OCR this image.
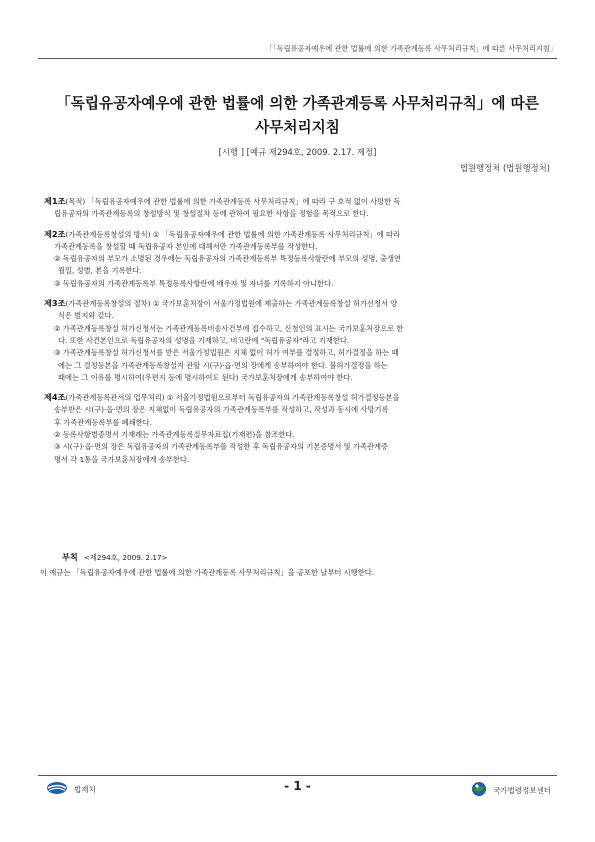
「「독립유공자예우에 관한 법률에 의한 가족관계등록 사무처리규칙」에 따른 사무처리지침」
「독립유공자예우에 관한 법률에 의한 가족관계등록 사무처리규칙」에 따른
사무처리지침
[시행 ] [예규 제294호, 2009. 2.17. 제정]
법원행정처 (법원행정처)
제1조(목적) 「독립유공자예우에 관한 법률에 의한 가족관계등록 사무처리규칙」에 따라 구 호적 없이 사망한 독
립유공자의 가족관계등록의 창설방식 및 창설절차 등에 관하여 필요한 사항을 정함을 목적으로 한다.
제2조(가족관계등록창설의 방식) ① 「독립유공자예우에 관한 법률에 의한 가족관계등록 사무처리규칙」에 따라
가족관계등록을 창설할 때 독립유공자 본인에 대해서만 가족관계등록부를 작성한다.
② 독립유공자의 부모가 소명된 경우에는 독립유공자의 가족관계등록부 특정등록사항란에 부모의 성명, 출생연
월일, 성별, 본을 기록한다.
③ 독립유공자의 가족관계등록부 특정등록사항란에 배우자 및 자녀를 기록하지 아니한다.
제3조(가족관계등록창설의 절차) ① 국가보훈처장이 서울가정법원에 제출하는 가족관계등록창설 허가신청서 양
식은 별지와 같다.
② 가족관계등록창설 허가신청서는 가족관계등록비송사건부에 접수하고, 신청인의 표시는 국가보훈처장으로 한
다. 또한 사건본인으로 독립유공자의 성명을 기재하고, 비고란에 "독립유공자"라고 기재한다.
③ 가족관계등록창설 허가신청서를 받은 서울가정법원은 지체 없이 허가 여부를 결정하고, 허가결정을 하는 때
에는 그 결정등본을 가족관계등록창설지 관할 시(구)·읍·면의 장에게 송부하여야 한다. 불허가결정을 하는
때에는 그 이유를 명시하여(우편지 등에 명시하여도 된다) 국가보훈처장에게 송부하여야 한다.
제4조(가족관계등록관서의 업무처리) ① 서울가정법원으로부터 독립유공자의 가족관계등록창설 허가결정등본을
송부받은 시(구)·읍·면의 장은 지체없이 독립유공자의 가족관계등록부를 작성하고, 작성과 동시에 사망기록
후 가족관계등록부를 폐쇄한다.
② 등록사항별증명서 기재례는 가족관계등록실무자료집(기재편)을 참조한다.
③ 시(구)·읍·면의 장은 독립유공자의 가족관계등록부를 작성한 후 독립유공자의 기본증명서 및 가족관계증
명서 각 1통을 국가보훈처장에게 송부한다.
부칙 <제294호, 2009. 2.17>
이 예규는 「독립유공자예우에 관한 법률에 의한 가족관계등록 사무처리규칙」을 공포한 날부터 시행한다.
법제처	- 1 -	국가법령정보센터
